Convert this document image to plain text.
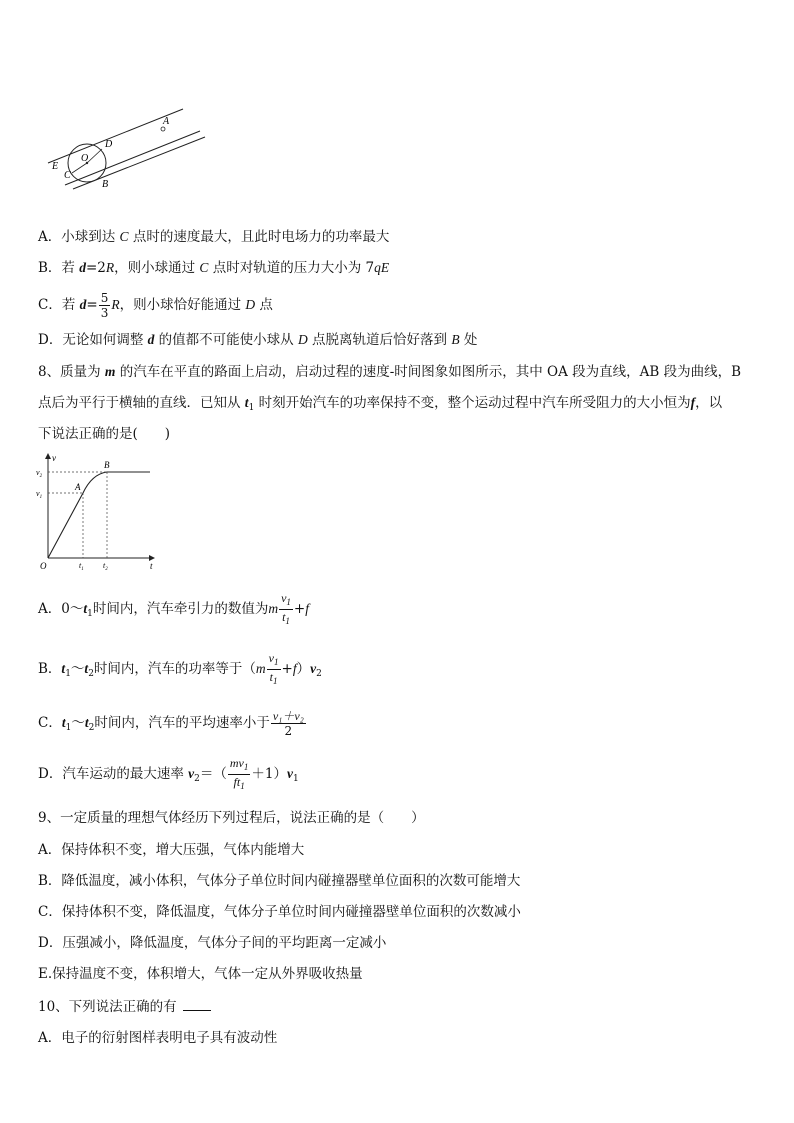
A
D
O
E
C
B
A．小球到达 C 点时的速度最大，且此时电场力的功率最大
B．若 d=2R，则小球通过 C 点时对轨道的压力大小为 7qE
C．若 $d= \frac{5}{3}$ R，则小球恰好能通过 D 点
D．无论如何调整 d 的值都不可能使小球从 D 点脱离轨道后恰好落到 B 处
8、质量为 m 的汽车在平直的路面上启动，启动过程的速度-时间图象如图所示，其中 OA 段为直线，AB 段为曲线，B
点后为平行于横轴的直线．已知从 $t_1$ 时刻开始汽车的功率保持不变，整个运动过程中汽车所受阻力的大小恒为f，以
下说法正确的是(　　)
v
t
O
$v_2$
$v_1$
$t_1$ $t_2$
A
B
A．$0\sim t_1$时间内，汽车牵引力的数值为m $\frac{v_1}{t_1} +f$
B．$t_1\sim t_2$时间内，汽车的功率等于$(m \frac{v_1}{t_1} +f)v_2$
C．$t_1\sim t_2$时间内，汽车的平均速率小于 $\frac{\text{v₁＋v₂}}{2}$
D．汽车运动的最大速率 $v_2=( \frac{mv_1}{ft_1} +1)v_1$
9、一定质量的理想气体经历下列过程后，说法正确的是（　　）
A．保持体积不变，增大压强，气体内能增大
B．降低温度，减小体积，气体分子单位时间内碰撞器壁单位面积的次数可能增大
C．保持体积不变，降低温度，气体分子单位时间内碰撞器壁单位面积的次数减小
D．压强减小，降低温度，气体分子间的平均距离一定减小
E.保持温度不变，体积增大，气体一定从外界吸收热量
10、下列说法正确的有
A．电子的衍射图样表明电子具有波动性
